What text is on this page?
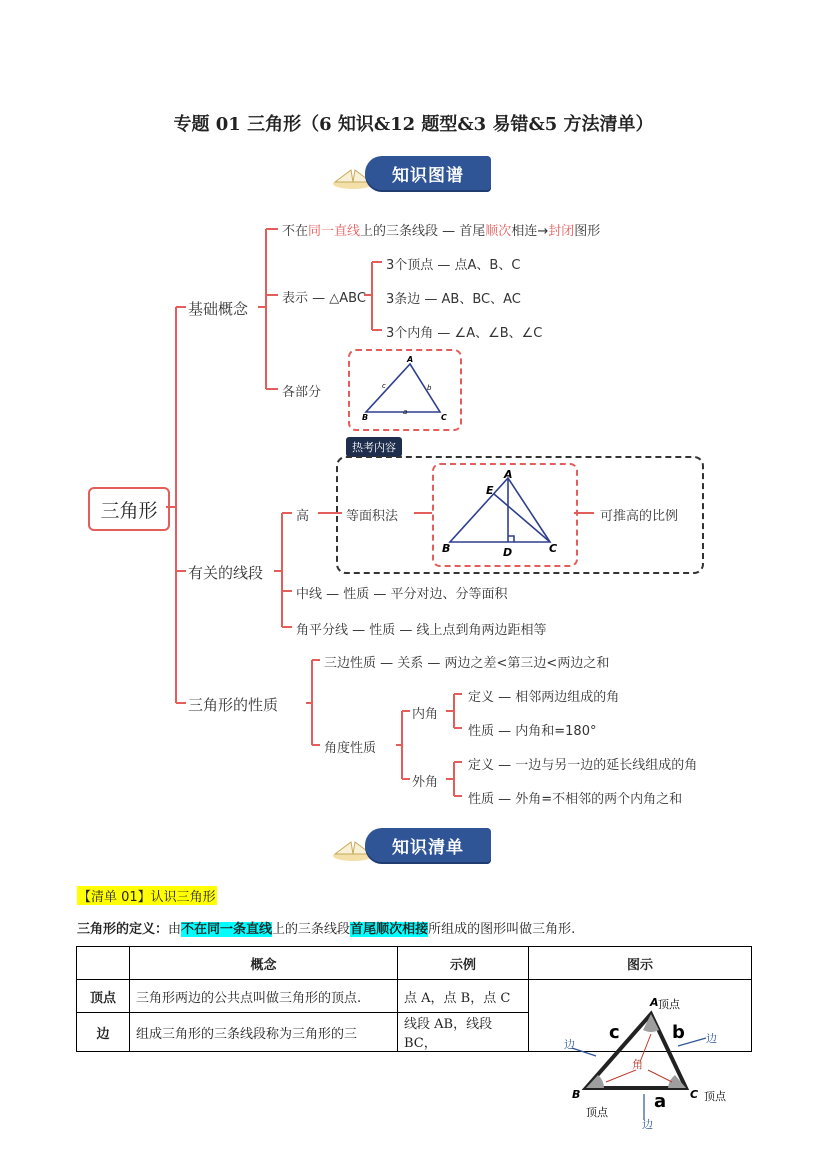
专题 01 三角形（6 知识&12 题型&3 易错&5 方法清单）
知识图谱
三角形
基础概念
有关的线段
三角形的性质
不在同一直线上的三条线段 — 首尾顺次相连→封闭图形
表示 — △ABC
3个顶点 — 点A、B、C
3条边 — AB、BC、AC
3个内角 — ∠A、∠B、∠C
各部分
A
B	C
a
b
c
热考内容
高	等面积法
A
E
B	D	C
可推高的比例
中线 — 性质 — 平分对边、分等面积
角平分线 — 性质 — 线上点到角两边距相等
三边性质 — 关系 — 两边之差<第三边<两边之和
角度性质
内角
定义 — 相邻两边组成的角
性质 — 内角和=180°
外角
定义 — 一边与另一边的延长线组成的角
性质 — 外角=不相邻的两个内角之和
知识清单
【清单 01】认识三角形
三角形的定义：由不在同一条直线上的三条线段首尾顺次相接所组成的图形叫做三角形.
	概念	示例	图示
顶点	三角形两边的公共点叫做三角形的顶点.	点 A，点 B，点 C	
边	组成三角形的三条线段称为三角形的三	线段 AB，线段 BC，	
A 顶点
B
顶点
C 顶点
c	b
a
角
边	边
边
